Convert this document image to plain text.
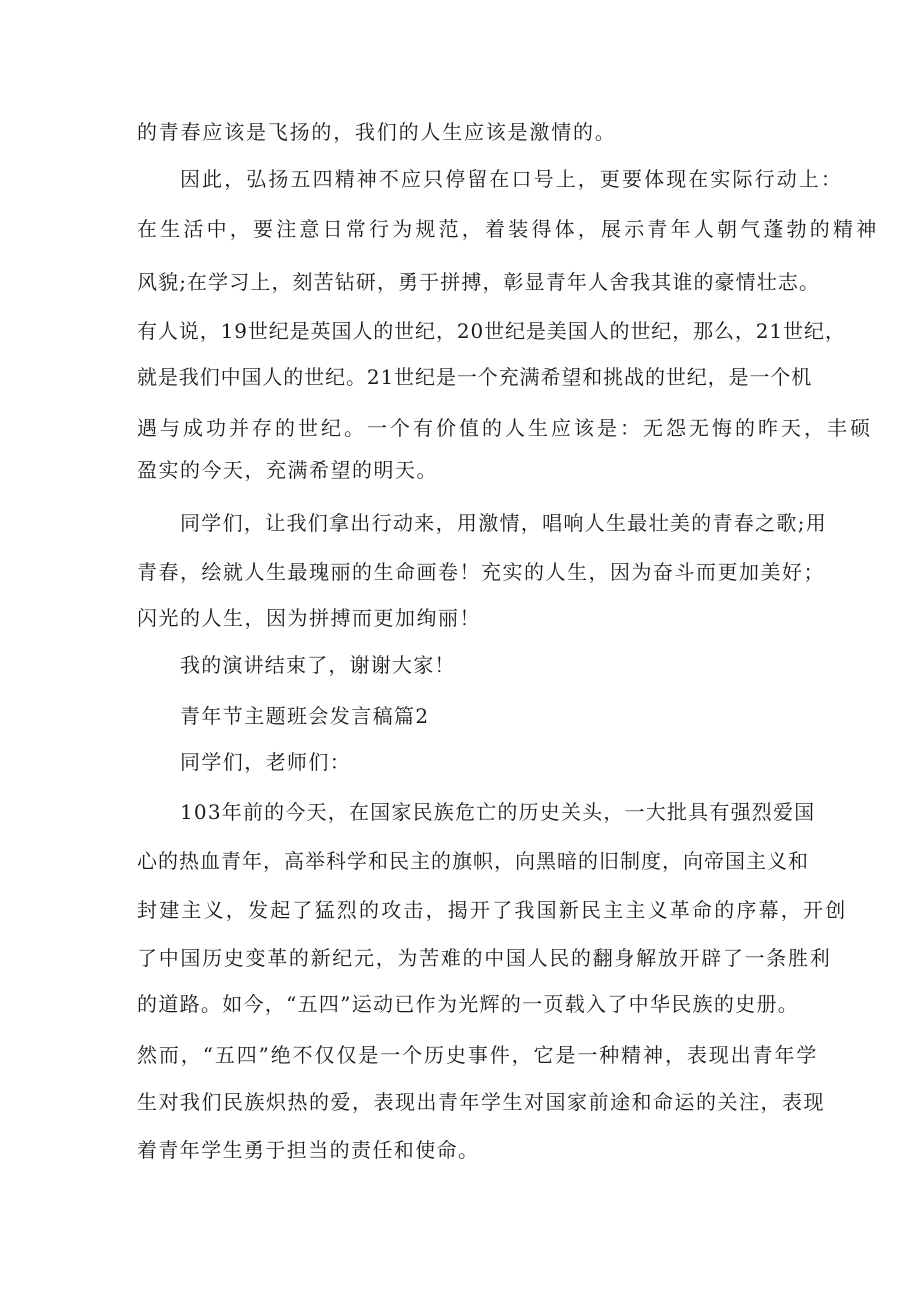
的青春应该是飞扬的，我们的人生应该是激情的。

因此，弘扬五四精神不应只停留在口号上，更要体现在实际行动上：

在生活中，要注意日常行为规范，着装得体，展示青年人朝气蓬勃的精神

风貌;在学习上，刻苦钻研，勇于拼搏，彰显青年人舍我其谁的豪情壮志。

有人说，19世纪是英国人的世纪，20世纪是美国人的世纪，那么，21世纪，

就是我们中国人的世纪。21世纪是一个充满希望和挑战的世纪，是一个机

遇与成功并存的世纪。一个有价值的人生应该是：无怨无悔的昨天，丰硕

盈实的今天，充满希望的明天。

同学们，让我们拿出行动来，用激情，唱响人生最壮美的青春之歌;用

青春，绘就人生最瑰丽的生命画卷！充实的人生，因为奋斗而更加美好；

闪光的人生，因为拼搏而更加绚丽！

我的演讲结束了，谢谢大家！

青年节主题班会发言稿篇2

同学们，老师们：

103年前的今天，在国家民族危亡的历史关头，一大批具有强烈爱国

心的热血青年，高举科学和民主的旗帜，向黑暗的旧制度，向帝国主义和

封建主义，发起了猛烈的攻击，揭开了我国新民主主义革命的序幕，开创

了中国历史变革的新纪元，为苦难的中国人民的翻身解放开辟了一条胜利

的道路。如今，“五四”运动已作为光辉的一页载入了中华民族的史册。

然而，“五四”绝不仅仅是一个历史事件，它是一种精神，表现出青年学

生对我们民族炽热的爱，表现出青年学生对国家前途和命运的关注，表现

着青年学生勇于担当的责任和使命。
